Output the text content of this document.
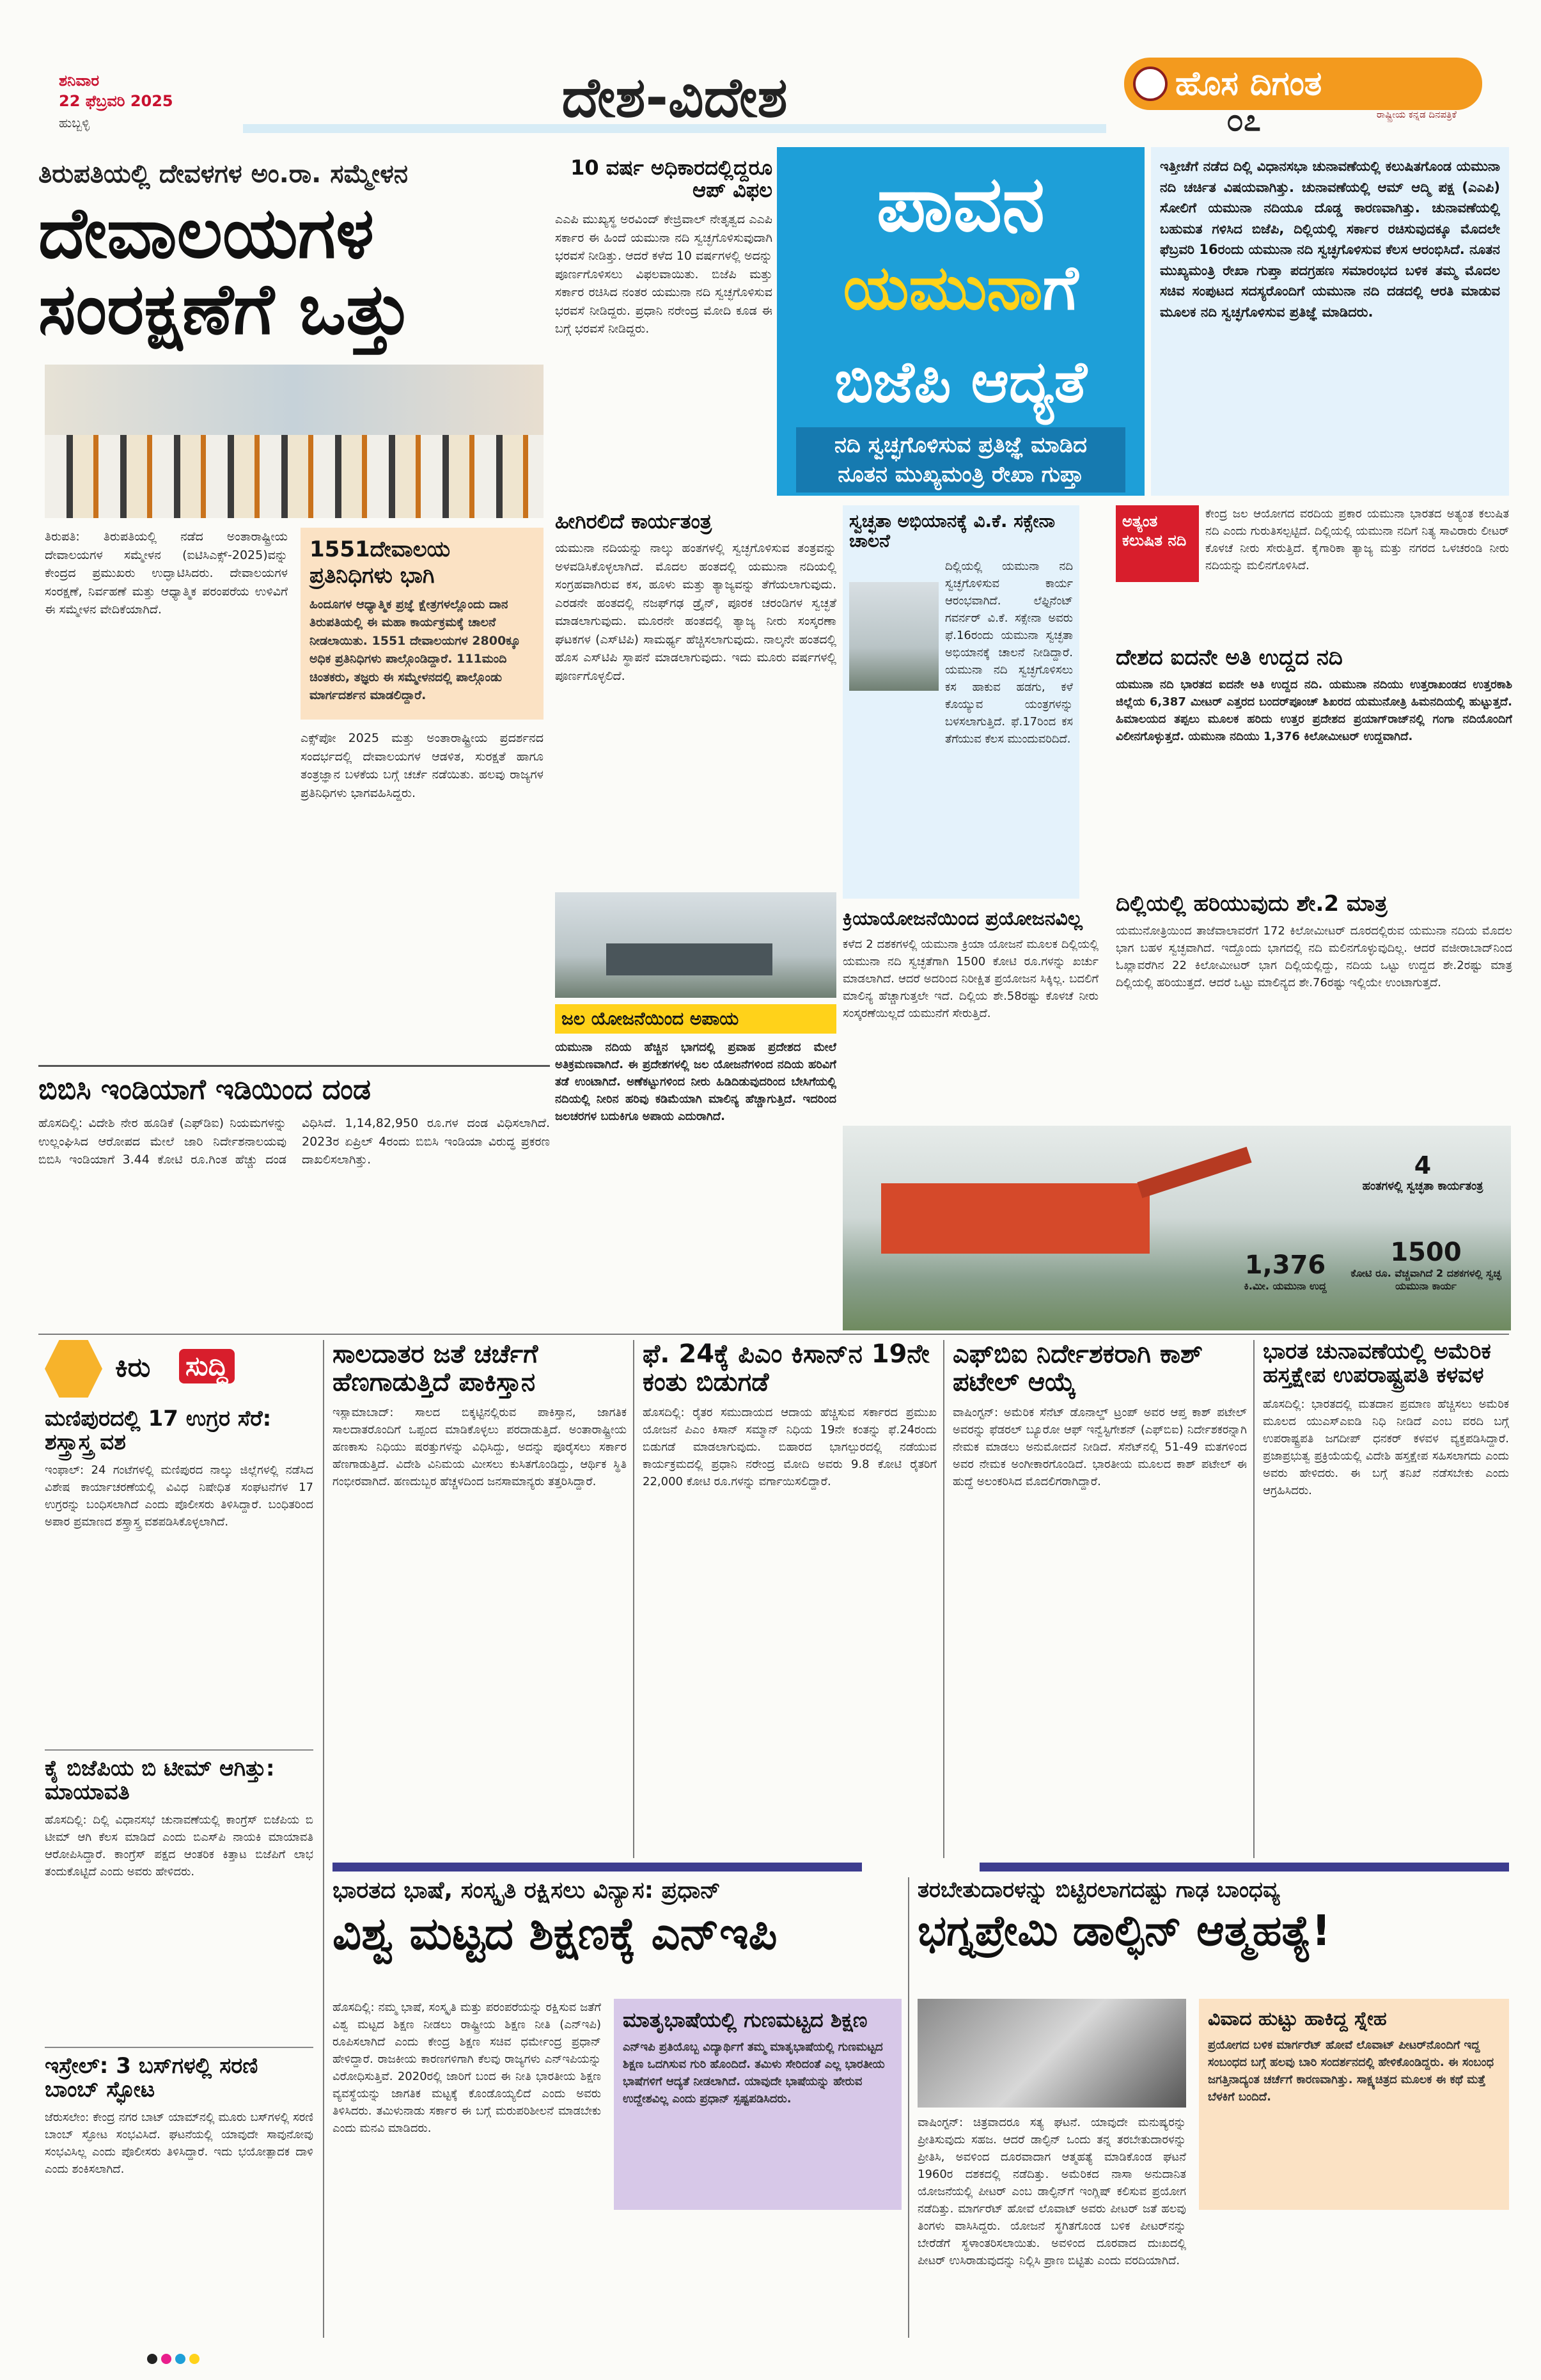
ಶನಿವಾರ
22 ಫೆಬ್ರವರಿ 2025
ಹುಬ್ಬಳ್ಳಿ	ದೇಶ-ವಿದೇಶ	ಹೊಸ ದಿಗಂತ
ರಾಷ್ಟ್ರೀಯ ಕನ್ನಡ ದಿನಪತ್ರಿಕೆ
೦೭
ತಿರುಪತಿಯಲ್ಲಿ ದೇವಳಗಳ ಅಂ.ರಾ. ಸಮ್ಮೇಳನ
ದೇವಾಲಯಗಳ ಸಂರಕ್ಷಣೆಗೆ ಒತ್ತು
ತಿರುಪತಿ: ತಿರುಪತಿಯಲ್ಲಿ ನಡೆದ ಅಂತಾರಾಷ್ಟ್ರೀಯ ದೇವಾಲಯಗಳ ಸಮ್ಮೇಳನ (ಐಟಿಸಿಎಕ್ಸ್-2025)ವನ್ನು ಕೇಂದ್ರದ ಪ್ರಮುಖರು ಉದ್ಘಾಟಿಸಿದರು. ದೇವಾಲಯಗಳ ಸಂರಕ್ಷಣೆ, ನಿರ್ವಹಣೆ ಮತ್ತು ಆಧ್ಯಾತ್ಮಿಕ ಪರಂಪರೆಯ ಉಳಿವಿಗೆ ಈ ಸಮ್ಮೇಳನ ವೇದಿಕೆಯಾಗಿದೆ.
1551ದೇವಾಲಯ ಪ್ರತಿನಿಧಿಗಳು ಭಾಗಿ
ಹಿಂದೂಗಳ ಆಧ್ಯಾತ್ಮಿಕ ಪ್ರಜ್ಞೆ ಕ್ಷೇತ್ರಗಳಲ್ಲೊಂದು ದಾನ ತಿರುಪತಿಯಲ್ಲಿ ಈ ಮಹಾ ಕಾರ್ಯಕ್ರಮಕ್ಕೆ ಚಾಲನೆ ನೀಡಲಾಯಿತು. 1551 ದೇವಾಲಯಗಳ 2800ಕ್ಕೂ ಅಧಿಕ ಪ್ರತಿನಿಧಿಗಳು ಪಾಲ್ಗೊಂಡಿದ್ದಾರೆ. 111ಮಂದಿ ಚಿಂತಕರು, ತಜ್ಞರು ಈ ಸಮ್ಮೇಳನದಲ್ಲಿ ಪಾಲ್ಗೊಂಡು ಮಾರ್ಗದರ್ಶನ ಮಾಡಲಿದ್ದಾರೆ.
ಎಕ್ಸ್‌ಪೋ 2025 ಮತ್ತು ಅಂತಾರಾಷ್ಟ್ರೀಯ ಪ್ರದರ್ಶನದ ಸಂದರ್ಭದಲ್ಲಿ ದೇವಾಲಯಗಳ ಆಡಳಿತ, ಸುರಕ್ಷತೆ ಹಾಗೂ ತಂತ್ರಜ್ಞಾನ ಬಳಕೆಯ ಬಗ್ಗೆ ಚರ್ಚೆ ನಡೆಯಿತು. ಹಲವು ರಾಜ್ಯಗಳ ಪ್ರತಿನಿಧಿಗಳು ಭಾಗವಹಿಸಿದ್ದರು.
ಬಿಬಿಸಿ ಇಂಡಿಯಾಗೆ ಇಡಿಯಿಂದ ದಂಡ
ಹೊಸದಿಲ್ಲಿ: ವಿದೇಶಿ ನೇರ ಹೂಡಿಕೆ (ಎಫ್‌ಡಿಐ) ನಿಯಮಗಳನ್ನು ಉಲ್ಲಂಘಿಸಿದ ಆರೋಪದ ಮೇಲೆ ಜಾರಿ ನಿರ್ದೇಶನಾಲಯವು ಬಿಬಿಸಿ ಇಂಡಿಯಾಗೆ 3.44 ಕೋಟಿ ರೂ.ಗಿಂತ ಹೆಚ್ಚು ದಂಡ ವಿಧಿಸಿದೆ. 1,14,82,950 ರೂ.ಗಳ ದಂಡ ವಿಧಿಸಲಾಗಿದೆ. 2023ರ ಏಪ್ರಿಲ್ 4ರಂದು ಬಿಬಿಸಿ ಇಂಡಿಯಾ ವಿರುದ್ಧ ಪ್ರಕರಣ ದಾಖಲಿಸಲಾಗಿತ್ತು.
10 ವರ್ಷ ಅಧಿಕಾರದಲ್ಲಿದ್ದರೂ ಆಪ್ ವಿಫಲ
ಎಎಪಿ ಮುಖ್ಯಸ್ಥ ಅರವಿಂದ್ ಕೇಜ್ರಿವಾಲ್ ನೇತೃತ್ವದ ಎಎಪಿ ಸರ್ಕಾರ ಈ ಹಿಂದೆ ಯಮುನಾ ನದಿ ಸ್ವಚ್ಛಗೊಳಿಸುವುದಾಗಿ ಭರವಸೆ ನೀಡಿತ್ತು. ಆದರೆ ಕಳೆದ 10 ವರ್ಷಗಳಲ್ಲಿ ಅದನ್ನು ಪೂರ್ಣಗೊಳಿಸಲು ವಿಫಲವಾಯಿತು. ಬಿಜೆಪಿ ಮತ್ತು ಸರ್ಕಾರ ರಚಿಸಿದ ನಂತರ ಯಮುನಾ ನದಿ ಸ್ವಚ್ಛಗೊಳಿಸುವ ಭರವಸೆ ನೀಡಿದ್ದರು. ಪ್ರಧಾನಿ ನರೇಂದ್ರ ಮೋದಿ ಕೂಡ ಈ ಬಗ್ಗೆ ಭರವಸೆ ನೀಡಿದ್ದರು.
ಪಾವನ
ಯಮುನಾಗೆ
ಬಿಜೆಪಿ ಆದ್ಯತೆ
ನದಿ ಸ್ವಚ್ಛಗೊಳಿಸುವ ಪ್ರತಿಜ್ಞೆ ಮಾಡಿದ
ನೂತನ ಮುಖ್ಯಮಂತ್ರಿ ರೇಖಾ ಗುಪ್ತಾ
ಇತ್ತೀಚೆಗೆ ನಡೆದ ದಿಲ್ಲಿ ವಿಧಾನಸಭಾ ಚುನಾವಣೆಯಲ್ಲಿ ಕಲುಷಿತಗೊಂಡ ಯಮುನಾ ನದಿ ಚರ್ಚಿತ ವಿಷಯವಾಗಿತ್ತು. ಚುನಾವಣೆಯಲ್ಲಿ ಆಮ್ ಆದ್ಮಿ ಪಕ್ಷ (ಎಎಪಿ) ಸೋಲಿಗೆ ಯಮುನಾ ನದಿಯೂ ದೊಡ್ಡ ಕಾರಣವಾಗಿತ್ತು. ಚುನಾವಣೆಯಲ್ಲಿ ಬಹುಮತ ಗಳಿಸಿದ ಬಿಜೆಪಿ, ದಿಲ್ಲಿಯಲ್ಲಿ ಸರ್ಕಾರ ರಚಿಸುವುದಕ್ಕೂ ಮೊದಲೇ ಫೆಬ್ರವರಿ 16ರಂದು ಯಮುನಾ ನದಿ ಸ್ವಚ್ಛಗೊಳಿಸುವ ಕೆಲಸ ಆರಂಭಿಸಿದೆ. ನೂತನ ಮುಖ್ಯಮಂತ್ರಿ ರೇಖಾ ಗುಪ್ತಾ ಪದಗ್ರಹಣ ಸಮಾರಂಭದ ಬಳಿಕ ತಮ್ಮ ಮೊದಲ ಸಚಿವ ಸಂಪುಟದ ಸದಸ್ಯರೊಂದಿಗೆ ಯಮುನಾ ನದಿ ದಡದಲ್ಲಿ ಆರತಿ ಮಾಡುವ ಮೂಲಕ ನದಿ ಸ್ವಚ್ಛಗೊಳಿಸುವ ಪ್ರತಿಜ್ಞೆ ಮಾಡಿದರು.
ಹೀಗಿರಲಿದೆ ಕಾರ್ಯತಂತ್ರ
ಯಮುನಾ ನದಿಯನ್ನು ನಾಲ್ಕು ಹಂತಗಳಲ್ಲಿ ಸ್ವಚ್ಛಗೊಳಿಸುವ ತಂತ್ರವನ್ನು ಅಳವಡಿಸಿಕೊಳ್ಳಲಾಗಿದೆ. ಮೊದಲ ಹಂತದಲ್ಲಿ ಯಮುನಾ ನದಿಯಲ್ಲಿ ಸಂಗ್ರಹವಾಗಿರುವ ಕಸ, ಹೂಳು ಮತ್ತು ತ್ಯಾಜ್ಯವನ್ನು ತೆಗೆಯಲಾಗುವುದು. ಎರಡನೇ ಹಂತದಲ್ಲಿ ನಜಫ್‌ಗಢ ಡ್ರೈನ್, ಪೂರಕ ಚರಂಡಿಗಳ ಸ್ವಚ್ಛತೆ ಮಾಡಲಾಗುವುದು. ಮೂರನೇ ಹಂತದಲ್ಲಿ ತ್ಯಾಜ್ಯ ನೀರು ಸಂಸ್ಕರಣಾ ಘಟಕಗಳ (ಎಸ್‌ಟಿಪಿ) ಸಾಮರ್ಥ್ಯ ಹೆಚ್ಚಿಸಲಾಗುವುದು. ನಾಲ್ಕನೇ ಹಂತದಲ್ಲಿ ಹೊಸ ಎಸ್‌ಟಿಪಿ ಸ್ಥಾಪನೆ ಮಾಡಲಾಗುವುದು. ಇದು ಮೂರು ವರ್ಷಗಳಲ್ಲಿ ಪೂರ್ಣಗೊಳ್ಳಲಿದೆ.
ಸ್ವಚ್ಛತಾ ಅಭಿಯಾನಕ್ಕೆ ವಿ.ಕೆ. ಸಕ್ಸೇನಾ ಚಾಲನೆ
ದಿಲ್ಲಿಯಲ್ಲಿ ಯಮುನಾ ನದಿ ಸ್ವಚ್ಛಗೊಳಿಸುವ ಕಾರ್ಯ ಆರಂಭವಾಗಿದೆ. ಲೆಫ್ಟಿನೆಂಟ್ ಗವರ್ನರ್ ವಿ.ಕೆ. ಸಕ್ಸೇನಾ ಅವರು ಫೆ.16ರಂದು ಯಮುನಾ ಸ್ವಚ್ಛತಾ ಅಭಿಯಾನಕ್ಕೆ ಚಾಲನೆ ನೀಡಿದ್ದಾರೆ. ಯಮುನಾ ನದಿ ಸ್ವಚ್ಛಗೊಳಿಸಲು ಕಸ ಹಾಕುವ ಹಡಗು, ಕಳೆ ಕೊಯ್ಯುವ ಯಂತ್ರಗಳನ್ನು ಬಳಸಲಾಗುತ್ತಿದೆ. ಫೆ.17ರಿಂದ ಕಸ ತೆಗೆಯುವ ಕೆಲಸ ಮುಂದುವರಿದಿದೆ.
ಅತ್ಯಂತ ಕಲುಷಿತ ನದಿ
ಕೇಂದ್ರ ಜಲ ಆಯೋಗದ ವರದಿಯ ಪ್ರಕಾರ ಯಮುನಾ ಭಾರತದ ಅತ್ಯಂತ ಕಲುಷಿತ ನದಿ ಎಂದು ಗುರುತಿಸಲ್ಪಟ್ಟಿದೆ. ದಿಲ್ಲಿಯಲ್ಲಿ ಯಮುನಾ ನದಿಗೆ ನಿತ್ಯ ಸಾವಿರಾರು ಲೀಟರ್ ಕೊಳಚೆ ನೀರು ಸೇರುತ್ತಿದೆ. ಕೈಗಾರಿಕಾ ತ್ಯಾಜ್ಯ ಮತ್ತು ನಗರದ ಒಳಚರಂಡಿ ನೀರು ನದಿಯನ್ನು ಮಲಿನಗೊಳಿಸಿದೆ.
ದೇಶದ ಐದನೇ ಅತಿ ಉದ್ದದ ನದಿ
ಯಮುನಾ ನದಿ ಭಾರತದ ಐದನೇ ಅತಿ ಉದ್ದದ ನದಿ. ಯಮುನಾ ನದಿಯು ಉತ್ತರಾಖಂಡದ ಉತ್ತರಕಾಶಿ ಜಿಲ್ಲೆಯ 6,387 ಮೀಟರ್ ಎತ್ತರದ ಬಂದರ್‌ಪೂಂಚ್ ಶಿಖರದ ಯಮುನೋತ್ರಿ ಹಿಮನದಿಯಲ್ಲಿ ಹುಟ್ಟುತ್ತದೆ. ಹಿಮಾಲಯದ ತಪ್ಪಲು ಮೂಲಕ ಹರಿದು ಉತ್ತರ ಪ್ರದೇಶದ ಪ್ರಯಾಗ್‌ರಾಜ್‌ನಲ್ಲಿ ಗಂಗಾ ನದಿಯೊಂದಿಗೆ ವಿಲೀನಗೊಳ್ಳುತ್ತದೆ. ಯಮುನಾ ನದಿಯು 1,376 ಕಿಲೋಮೀಟರ್ ಉದ್ದವಾಗಿದೆ.
ಜಲ ಯೋಜನೆಯಿಂದ ಅಪಾಯ
ಯಮುನಾ ನದಿಯ ಹೆಚ್ಚಿನ ಭಾಗದಲ್ಲಿ ಪ್ರವಾಹ ಪ್ರದೇಶದ ಮೇಲೆ ಅತಿಕ್ರಮಣವಾಗಿದೆ. ಈ ಪ್ರದೇಶಗಳಲ್ಲಿ ಜಲ ಯೋಜನೆಗಳಿಂದ ನದಿಯ ಹರಿವಿಗೆ ತಡೆ ಉಂಟಾಗಿದೆ. ಅಣೆಕಟ್ಟುಗಳಿಂದ ನೀರು ಹಿಡಿದಿಡುವುದರಿಂದ ಬೇಸಿಗೆಯಲ್ಲಿ ನದಿಯಲ್ಲಿ ನೀರಿನ ಹರಿವು ಕಡಿಮೆಯಾಗಿ ಮಾಲಿನ್ಯ ಹೆಚ್ಚಾಗುತ್ತಿದೆ. ಇದರಿಂದ ಜಲಚರಗಳ ಬದುಕಿಗೂ ಅಪಾಯ ಎದುರಾಗಿದೆ.
ಕ್ರಿಯಾಯೋಜನೆಯಿಂದ ಪ್ರಯೋಜನವಿಲ್ಲ
ಕಳೆದ 2 ದಶಕಗಳಲ್ಲಿ ಯಮುನಾ ಕ್ರಿಯಾ ಯೋಜನೆ ಮೂಲಕ ದಿಲ್ಲಿಯಲ್ಲಿ ಯಮುನಾ ನದಿ ಸ್ವಚ್ಛತೆಗಾಗಿ 1500 ಕೋಟಿ ರೂ.ಗಳನ್ನು ಖರ್ಚು ಮಾಡಲಾಗಿದೆ. ಆದರೆ ಅದರಿಂದ ನಿರೀಕ್ಷಿತ ಪ್ರಯೋಜನ ಸಿಕ್ಕಿಲ್ಲ. ಬದಲಿಗೆ ಮಾಲಿನ್ಯ ಹೆಚ್ಚಾಗುತ್ತಲೇ ಇದೆ. ದಿಲ್ಲಿಯ ಶೇ.58ರಷ್ಟು ಕೊಳಚೆ ನೀರು ಸಂಸ್ಕರಣೆಯಿಲ್ಲದೆ ಯಮುನೆಗೆ ಸೇರುತ್ತಿದೆ.
ದಿಲ್ಲಿಯಲ್ಲಿ ಹರಿಯುವುದು ಶೇ.2 ಮಾತ್ರ
ಯಮುನೋತ್ರಿಯಿಂದ ತಾಜೆವಾಲಾವರೆಗೆ 172 ಕಿಲೋಮೀಟರ್ ದೂರದಲ್ಲಿರುವ ಯಮುನಾ ನದಿಯ ಮೊದಲ ಭಾಗ ಬಹಳ ಸ್ವಚ್ಛವಾಗಿದೆ. ಇದ್ದೊಂದು ಭಾಗದಲ್ಲಿ ನದಿ ಮಲಿನಗೊಳ್ಳುವುದಿಲ್ಲ. ಆದರೆ ವಜೀರಾಬಾದ್‌ನಿಂದ ಓಖ್ಲಾವರೆಗಿನ 22 ಕಿಲೋಮೀಟರ್ ಭಾಗ ದಿಲ್ಲಿಯಲ್ಲಿದ್ದು, ನದಿಯ ಒಟ್ಟು ಉದ್ದದ ಶೇ.2ರಷ್ಟು ಮಾತ್ರ ದಿಲ್ಲಿಯಲ್ಲಿ ಹರಿಯುತ್ತದೆ. ಆದರೆ ಒಟ್ಟು ಮಾಲಿನ್ಯದ ಶೇ.76ರಷ್ಟು ಇಲ್ಲಿಯೇ ಉಂಟಾಗುತ್ತದೆ.
4
ಹಂತಗಳಲ್ಲಿ ಸ್ವಚ್ಛತಾ ಕಾರ್ಯತಂತ್ರ
1,376
ಕಿ.ಮೀ. ಯಮುನಾ ಉದ್ದ
1500
ಕೋಟಿ ರೂ. ವೆಚ್ಚವಾಗಿದೆ 2 ದಶಕಗಳಲ್ಲಿ ಸ್ವಚ್ಛ ಯಮುನಾ ಕಾರ್ಯ
ಕಿರು ಸುದ್ದಿ
ಮಣಿಪುರದಲ್ಲಿ 17 ಉಗ್ರರ ಸೆರೆ: ಶಸ್ತ್ರಾಸ್ತ್ರ ವಶ
ಇಂಫಾಲ್: 24 ಗಂಟೆಗಳಲ್ಲಿ ಮಣಿಪುರದ ನಾಲ್ಕು ಜಿಲ್ಲೆಗಳಲ್ಲಿ ನಡೆಸಿದ ವಿಶೇಷ ಕಾರ್ಯಾಚರಣೆಯಲ್ಲಿ ವಿವಿಧ ನಿಷೇಧಿತ ಸಂಘಟನೆಗಳ 17 ಉಗ್ರರನ್ನು ಬಂಧಿಸಲಾಗಿದೆ ಎಂದು ಪೊಲೀಸರು ತಿಳಿಸಿದ್ದಾರೆ. ಬಂಧಿತರಿಂದ ಅಪಾರ ಪ್ರಮಾಣದ ಶಸ್ತ್ರಾಸ್ತ್ರ ವಶಪಡಿಸಿಕೊಳ್ಳಲಾಗಿದೆ.
ಕೈ ಬಿಜೆಪಿಯ ಬಿ ಟೀಮ್ ಆಗಿತ್ತು: ಮಾಯಾವತಿ
ಹೊಸದಿಲ್ಲಿ: ದಿಲ್ಲಿ ವಿಧಾನಸಭೆ ಚುನಾವಣೆಯಲ್ಲಿ ಕಾಂಗ್ರೆಸ್ ಬಿಜೆಪಿಯ ಬಿ ಟೀಮ್ ಆಗಿ ಕೆಲಸ ಮಾಡಿದೆ ಎಂದು ಬಿಎಸ್‌ಪಿ ನಾಯಕಿ ಮಾಯಾವತಿ ಆರೋಪಿಸಿದ್ದಾರೆ. ಕಾಂಗ್ರೆಸ್ ಪಕ್ಷದ ಆಂತರಿಕ ಕಿತ್ತಾಟ ಬಿಜೆಪಿಗೆ ಲಾಭ ತಂದುಕೊಟ್ಟಿದೆ ಎಂದು ಅವರು ಹೇಳಿದರು.
ಇಸ್ರೇಲ್: 3 ಬಸ್‌ಗಳಲ್ಲಿ ಸರಣಿ ಬಾಂಬ್ ಸ್ಫೋಟ
ಜೆರುಸಲೇಂ: ಕೇಂದ್ರ ನಗರ ಬಾಟ್ ಯಾಮ್‌ನಲ್ಲಿ ಮೂರು ಬಸ್‌ಗಳಲ್ಲಿ ಸರಣಿ ಬಾಂಬ್ ಸ್ಫೋಟ ಸಂಭವಿಸಿದೆ. ಘಟನೆಯಲ್ಲಿ ಯಾವುದೇ ಸಾವುನೋವು ಸಂಭವಿಸಿಲ್ಲ ಎಂದು ಪೊಲೀಸರು ತಿಳಿಸಿದ್ದಾರೆ. ಇದು ಭಯೋತ್ಪಾದಕ ದಾಳಿ ಎಂದು ಶಂಕಿಸಲಾಗಿದೆ.
ಸಾಲದಾತರ ಜತೆ ಚರ್ಚೆಗೆ ಹೆಣಗಾಡುತ್ತಿದೆ ಪಾಕಿಸ್ತಾನ
ಇಸ್ಲಾಮಾಬಾದ್: ಸಾಲದ ಬಿಕ್ಕಟ್ಟಿನಲ್ಲಿರುವ ಪಾಕಿಸ್ತಾನ, ಜಾಗತಿಕ ಸಾಲದಾತರೊಂದಿಗೆ ಒಪ್ಪಂದ ಮಾಡಿಕೊಳ್ಳಲು ಪರದಾಡುತ್ತಿದೆ. ಅಂತಾರಾಷ್ಟ್ರೀಯ ಹಣಕಾಸು ನಿಧಿಯು ಷರತ್ತುಗಳನ್ನು ವಿಧಿಸಿದ್ದು, ಅದನ್ನು ಪೂರೈಸಲು ಸರ್ಕಾರ ಹೆಣಗಾಡುತ್ತಿದೆ. ವಿದೇಶಿ ವಿನಿಮಯ ಮೀಸಲು ಕುಸಿತಗೊಂಡಿದ್ದು, ಆರ್ಥಿಕ ಸ್ಥಿತಿ ಗಂಭೀರವಾಗಿದೆ. ಹಣದುಬ್ಬರ ಹೆಚ್ಚಳದಿಂದ ಜನಸಾಮಾನ್ಯರು ತತ್ತರಿಸಿದ್ದಾರೆ.
ಫೆ. 24ಕ್ಕೆ ಪಿಎಂ ಕಿಸಾನ್‌ನ 19ನೇ ಕಂತು ಬಿಡುಗಡೆ
ಹೊಸದಿಲ್ಲಿ: ರೈತರ ಸಮುದಾಯದ ಆದಾಯ ಹೆಚ್ಚಿಸುವ ಸರ್ಕಾರದ ಪ್ರಮುಖ ಯೋಜನೆ ಪಿಎಂ ಕಿಸಾನ್ ಸಮ್ಮಾನ್ ನಿಧಿಯ 19ನೇ ಕಂತನ್ನು ಫೆ.24ರಂದು ಬಿಡುಗಡೆ ಮಾಡಲಾಗುವುದು. ಬಿಹಾರದ ಭಾಗಲ್ಪುರದಲ್ಲಿ ನಡೆಯುವ ಕಾರ್ಯಕ್ರಮದಲ್ಲಿ ಪ್ರಧಾನಿ ನರೇಂದ್ರ ಮೋದಿ ಅವರು 9.8 ಕೋಟಿ ರೈತರಿಗೆ 22,000 ಕೋಟಿ ರೂ.ಗಳನ್ನು ವರ್ಗಾಯಿಸಲಿದ್ದಾರೆ.
ಎಫ್‌ಬಿಐ ನಿರ್ದೇಶಕರಾಗಿ ಕಾಶ್ ಪಟೇಲ್ ಆಯ್ಕೆ
ವಾಷಿಂಗ್ಟನ್: ಅಮೆರಿಕ ಸೆನೆಟ್ ಡೊನಾಲ್ಡ್ ಟ್ರಂಪ್ ಅವರ ಆಪ್ತ ಕಾಶ್ ಪಟೇಲ್ ಅವರನ್ನು ಫೆಡರಲ್ ಬ್ಯೂರೋ ಆಫ್ ಇನ್ವೆಸ್ಟಿಗೇಶನ್ (ಎಫ್‌ಬಿಐ) ನಿರ್ದೇಶಕರನ್ನಾಗಿ ನೇಮಕ ಮಾಡಲು ಅನುಮೋದನೆ ನೀಡಿದೆ. ಸೆನೆಟ್‌ನಲ್ಲಿ 51-49 ಮತಗಳಿಂದ ಅವರ ನೇಮಕ ಅಂಗೀಕಾರಗೊಂಡಿದೆ. ಭಾರತೀಯ ಮೂಲದ ಕಾಶ್ ಪಟೇಲ್ ಈ ಹುದ್ದೆ ಅಲಂಕರಿಸಿದ ಮೊದಲಿಗರಾಗಿದ್ದಾರೆ.
ಭಾರತ ಚುನಾವಣೆಯಲ್ಲಿ ಅಮೆರಿಕ ಹಸ್ತಕ್ಷೇಪ ಉಪರಾಷ್ಟ್ರಪತಿ ಕಳವಳ
ಹೊಸದಿಲ್ಲಿ: ಭಾರತದಲ್ಲಿ ಮತದಾನ ಪ್ರಮಾಣ ಹೆಚ್ಚಿಸಲು ಅಮೆರಿಕ ಮೂಲದ ಯುಎಸ್‌ಎಐಡಿ ನಿಧಿ ನೀಡಿದೆ ಎಂಬ ವರದಿ ಬಗ್ಗೆ ಉಪರಾಷ್ಟ್ರಪತಿ ಜಗದೀಪ್ ಧನಕರ್ ಕಳವಳ ವ್ಯಕ್ತಪಡಿಸಿದ್ದಾರೆ. ಪ್ರಜಾಪ್ರಭುತ್ವ ಪ್ರಕ್ರಿಯೆಯಲ್ಲಿ ವಿದೇಶಿ ಹಸ್ತಕ್ಷೇಪ ಸಹಿಸಲಾಗದು ಎಂದು ಅವರು ಹೇಳಿದರು. ಈ ಬಗ್ಗೆ ತನಿಖೆ ನಡೆಸಬೇಕು ಎಂದು ಆಗ್ರಹಿಸಿದರು.
ಭಾರತದ ಭಾಷೆ, ಸಂಸ್ಕೃತಿ ರಕ್ಷಿಸಲು ವಿನ್ಯಾಸ: ಪ್ರಧಾನ್
ವಿಶ್ವ ಮಟ್ಟದ ಶಿಕ್ಷಣಕ್ಕೆ ಎನ್‌ಇಪಿ
ಹೊಸದಿಲ್ಲಿ: ನಮ್ಮ ಭಾಷೆ, ಸಂಸ್ಕೃತಿ ಮತ್ತು ಪರಂಪರೆಯನ್ನು ರಕ್ಷಿಸುವ ಜತೆಗೆ ವಿಶ್ವ ಮಟ್ಟದ ಶಿಕ್ಷಣ ನೀಡಲು ರಾಷ್ಟ್ರೀಯ ಶಿಕ್ಷಣ ನೀತಿ (ಎನ್‌ಇಪಿ) ರೂಪಿಸಲಾಗಿದೆ ಎಂದು ಕೇಂದ್ರ ಶಿಕ್ಷಣ ಸಚಿವ ಧರ್ಮೇಂದ್ರ ಪ್ರಧಾನ್ ಹೇಳಿದ್ದಾರೆ. ರಾಜಕೀಯ ಕಾರಣಗಳಿಗಾಗಿ ಕೆಲವು ರಾಜ್ಯಗಳು ಎನ್‌ಇಪಿಯನ್ನು ವಿರೋಧಿಸುತ್ತಿವೆ. 2020ರಲ್ಲಿ ಜಾರಿಗೆ ಬಂದ ಈ ನೀತಿ ಭಾರತೀಯ ಶಿಕ್ಷಣ ವ್ಯವಸ್ಥೆಯನ್ನು ಜಾಗತಿಕ ಮಟ್ಟಕ್ಕೆ ಕೊಂಡೊಯ್ಯಲಿದೆ ಎಂದು ಅವರು ತಿಳಿಸಿದರು. ತಮಿಳುನಾಡು ಸರ್ಕಾರ ಈ ಬಗ್ಗೆ ಮರುಪರಿಶೀಲನೆ ಮಾಡಬೇಕು ಎಂದು ಮನವಿ ಮಾಡಿದರು.
ಮಾತೃಭಾಷೆಯಲ್ಲಿ ಗುಣಮಟ್ಟದ ಶಿಕ್ಷಣ
ಎನ್‌ಇಪಿ ಪ್ರತಿಯೊಬ್ಬ ವಿದ್ಯಾರ್ಥಿಗೆ ತಮ್ಮ ಮಾತೃಭಾಷೆಯಲ್ಲಿ ಗುಣಮಟ್ಟದ ಶಿಕ್ಷಣ ಒದಗಿಸುವ ಗುರಿ ಹೊಂದಿದೆ. ತಮಿಳು ಸೇರಿದಂತೆ ಎಲ್ಲ ಭಾರತೀಯ ಭಾಷೆಗಳಿಗೆ ಆದ್ಯತೆ ನೀಡಲಾಗಿದೆ. ಯಾವುದೇ ಭಾಷೆಯನ್ನು ಹೇರುವ ಉದ್ದೇಶವಿಲ್ಲ ಎಂದು ಪ್ರಧಾನ್ ಸ್ಪಷ್ಟಪಡಿಸಿದರು.
ತರಬೇತುದಾರಳನ್ನು ಬಿಟ್ಟಿರಲಾಗದಷ್ಟು ಗಾಢ ಬಾಂಧವ್ಯ
ಭಗ್ನಪ್ರೇಮಿ ಡಾಲ್ಫಿನ್ ಆತ್ಮಹತ್ಯೆ!
ವಾಷಿಂಗ್ಟನ್: ಚಿತ್ರವಾದರೂ ಸತ್ಯ ಘಟನೆ. ಯಾವುದೇ ಮನುಷ್ಯರನ್ನು ಪ್ರೀತಿಸುವುದು ಸಹಜ. ಆದರೆ ಡಾಲ್ಫಿನ್ ಒಂದು ತನ್ನ ತರಬೇತುದಾರಳನ್ನು ಪ್ರೀತಿಸಿ, ಅವಳಿಂದ ದೂರವಾದಾಗ ಆತ್ಮಹತ್ಯೆ ಮಾಡಿಕೊಂಡ ಘಟನೆ 1960ರ ದಶಕದಲ್ಲಿ ನಡೆದಿತ್ತು. ಅಮೆರಿಕದ ನಾಸಾ ಅನುದಾನಿತ ಯೋಜನೆಯಲ್ಲಿ ಪೀಟರ್ ಎಂಬ ಡಾಲ್ಫಿನ್‌ಗೆ ಇಂಗ್ಲಿಷ್ ಕಲಿಸುವ ಪ್ರಯೋಗ ನಡೆದಿತ್ತು. ಮಾರ್ಗರೆಟ್ ಹೋವೆ ಲೊವಾಟ್ ಅವರು ಪೀಟರ್ ಜತೆ ಹಲವು ತಿಂಗಳು ವಾಸಿಸಿದ್ದರು. ಯೋಜನೆ ಸ್ಥಗಿತಗೊಂಡ ಬಳಿಕ ಪೀಟರ್‌ನನ್ನು ಬೇರೆಡೆಗೆ ಸ್ಥಳಾಂತರಿಸಲಾಯಿತು. ಅವಳಿಂದ ದೂರವಾದ ದುಃಖದಲ್ಲಿ ಪೀಟರ್ ಉಸಿರಾಡುವುದನ್ನು ನಿಲ್ಲಿಸಿ ಪ್ರಾಣ ಬಿಟ್ಟಿತು ಎಂದು ವರದಿಯಾಗಿದೆ.
ವಿವಾದ ಹುಟ್ಟು ಹಾಕಿದ್ದ ಸ್ನೇಹ
ಪ್ರಯೋಗದ ಬಳಿಕ ಮಾರ್ಗರೆಟ್ ಹೋವೆ ಲೊವಾಟ್ ಪೀಟರ್‌ನೊಂದಿಗೆ ಇದ್ದ ಸಂಬಂಧದ ಬಗ್ಗೆ ಹಲವು ಬಾರಿ ಸಂದರ್ಶನದಲ್ಲಿ ಹೇಳಿಕೊಂಡಿದ್ದರು. ಈ ಸಂಬಂಧ ಜಗತ್ತಿನಾದ್ಯಂತ ಚರ್ಚೆಗೆ ಕಾರಣವಾಗಿತ್ತು. ಸಾಕ್ಷ್ಯಚಿತ್ರದ ಮೂಲಕ ಈ ಕಥೆ ಮತ್ತೆ ಬೆಳಕಿಗೆ ಬಂದಿದೆ.
